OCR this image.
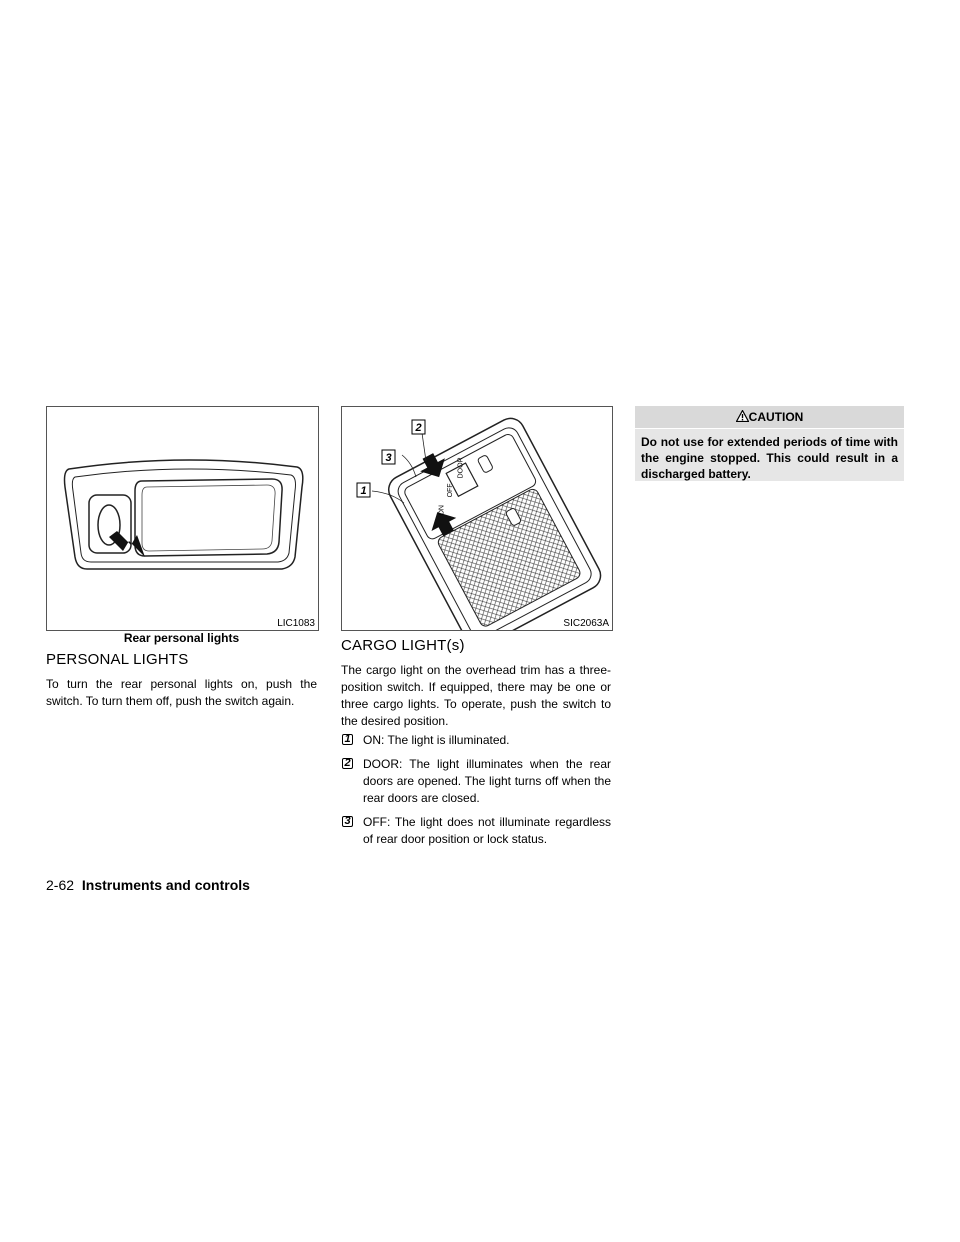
LIC1083
Rear personal lights
PERSONAL LIGHTS
To turn the rear personal lights on, push the switch. To turn them off, push the switch again.
ON
OFF
DOOR
1
3
2
SIC2063A
CARGO LIGHT(s)
The cargo light on the overhead trim has a three-position switch. If equipped, there may be one or three cargo lights. To operate, push the switch to the desired position.
1 ON: The light is illuminated.
2 DOOR: The light illuminates when the rear doors are opened. The light turns off when the rear doors are closed.
3 OFF: The light does not illuminate regardless of rear door position or lock status.
CAUTION
Do not use for extended periods of time with the engine stopped. This could result in a discharged battery.
2-62 Instruments and controls
